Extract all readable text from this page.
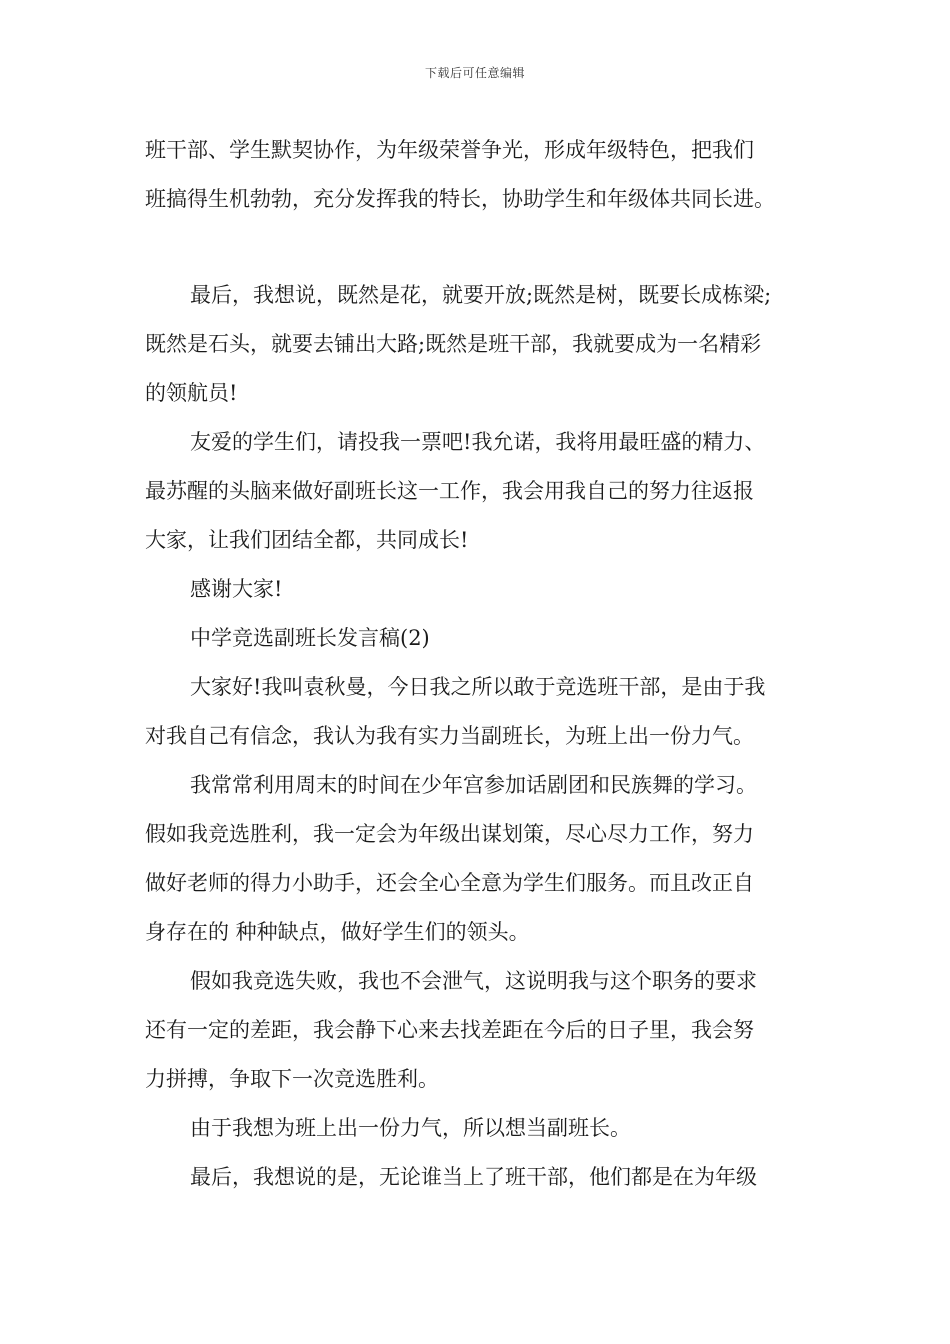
下载后可任意编辑

班干部、学生默契协作，为年级荣誉争光，形成年级特色，把我们

班搞得生机勃勃，充分发挥我的特长，协助学生和年级体共同长进。

最后，我想说，既然是花，就要开放;既然是树，既要长成栋梁;

既然是石头，就要去铺出大路;既然是班干部，我就要成为一名精彩

的领航员!

友爱的学生们，请投我一票吧!我允诺，我将用最旺盛的精力、

最苏醒的头脑来做好副班长这一工作，我会用我自己的努力往返报

大家，让我们团结全都，共同成长!

感谢大家!

中学竞选副班长发言稿(2)

大家好!我叫袁秋曼，今日我之所以敢于竞选班干部，是由于我

对我自己有信念，我认为我有实力当副班长，为班上出一份力气。

我常常利用周末的时间在少年宫参加话剧团和民族舞的学习。

假如我竞选胜利，我一定会为年级出谋划策，尽心尽力工作，努力

做好老师的得力小助手，还会全心全意为学生们服务。而且改正自

身存在的 种种缺点，做好学生们的领头。

假如我竞选失败，我也不会泄气，这说明我与这个职务的要求

还有一定的差距，我会静下心来去找差距在今后的日子里，我会努

力拼搏，争取下一次竞选胜利。

由于我想为班上出一份力气，所以想当副班长。

最后，我想说的是，无论谁当上了班干部，他们都是在为年级
